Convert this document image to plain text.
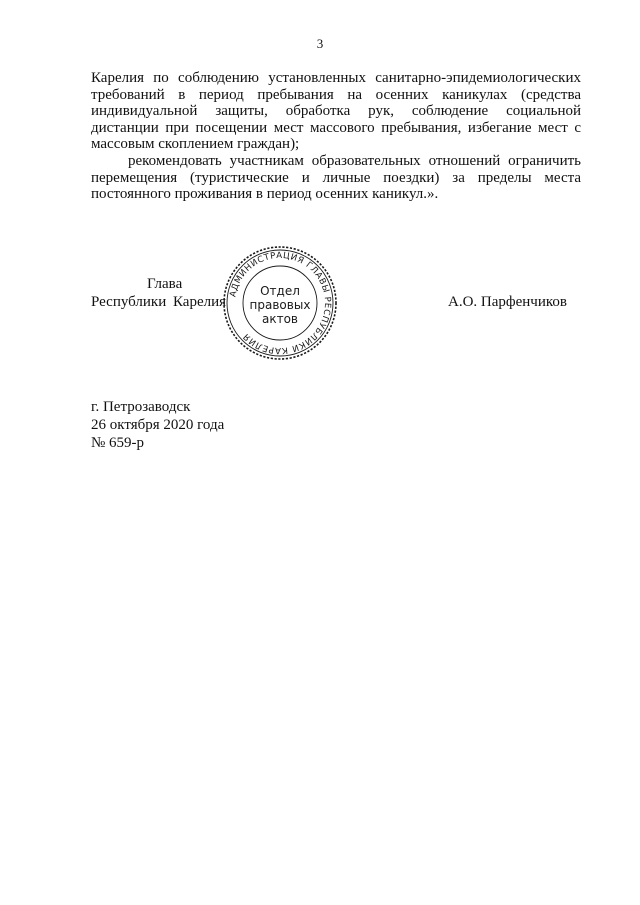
3

Карелия по соблюдению установленных санитарно-эпидемиологических требований в период пребывания на осенних каникулах (средства индивидуальной защиты, обработка рук, соблюдение социальной дистанции при посещении мест массового пребывания, избегание мест с массовым скоплением граждан);

рекомендовать участникам образовательных отношений ограничить перемещения (туристические и личные поездки) за пределы места постоянного проживания в период осенних каникул.».

Глава
Республики Карелия
АДМИНИСТРАЦИЯ ГЛАВЫ РЕСПУБЛИКИ КАРЕЛИЯ
Отдел
правовых
актов
А.О. Парфенчиков
г. Петрозаводск
26 октября 2020 года
№ 659-р
